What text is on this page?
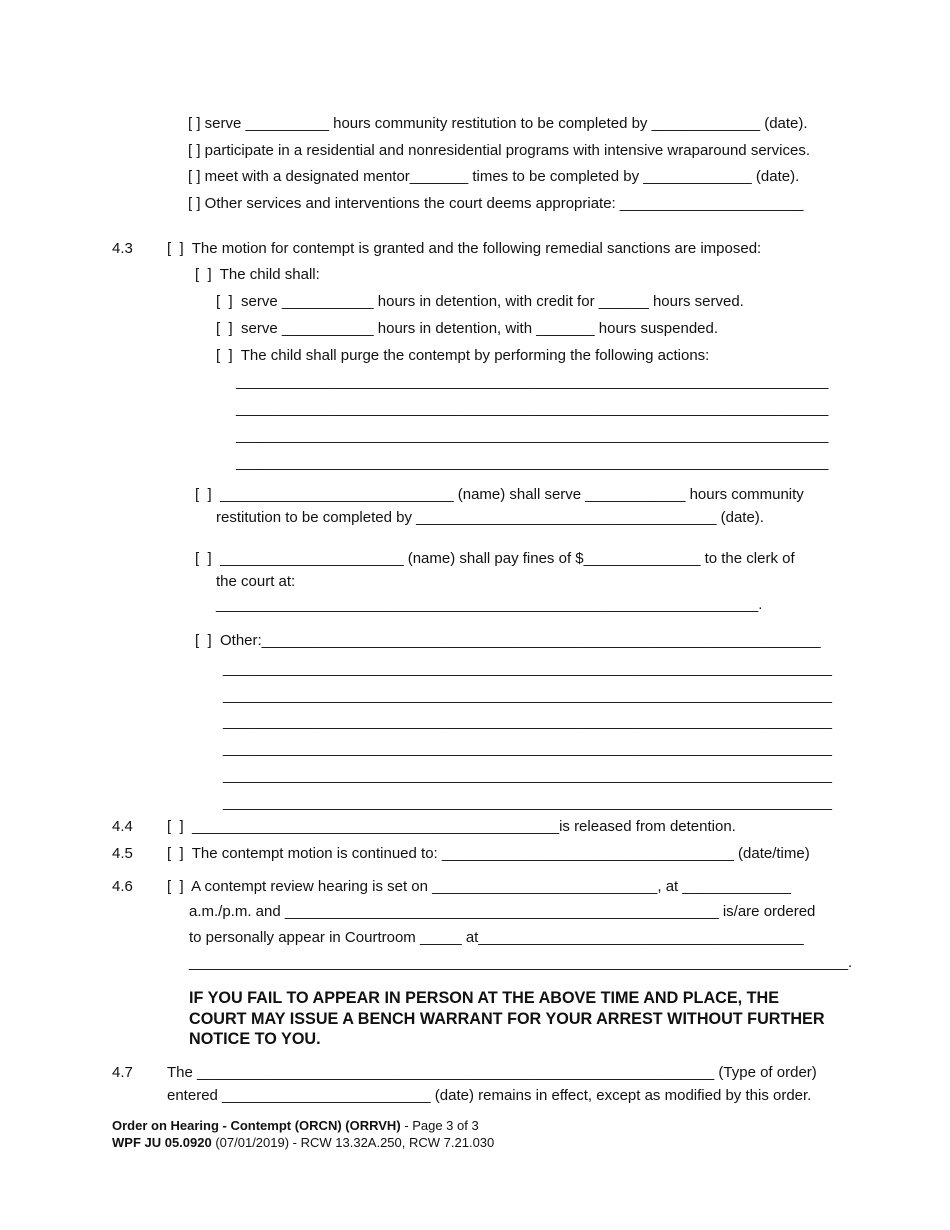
[ ] serve __________ hours community restitution to be completed by _____________ (date).
[ ] participate in a residential and nonresidential programs with intensive wraparound services.
[ ] meet with a designated mentor_______ times to be completed by _____________ (date).
[ ] Other services and interventions the court deems appropriate: ______________________
4.3 [  ]  The motion for contempt is granted and the following remedial sanctions are imposed:
[  ]  The child shall:
[  ]  serve ___________ hours in detention, with credit for ______ hours served.
[  ]  serve ___________ hours in detention, with _______ hours suspended.
[  ]  The child shall purge the contempt by performing the following actions:
_______________________________________________________________________
_______________________________________________________________________
_______________________________________________________________________
_______________________________________________________________________
[  ]  ____________________________ (name) shall serve ____________ hours community
restitution to be completed by ____________________________________ (date).
[  ]  ______________________ (name) shall pay fines of $______________ to the clerk of
the court at:
_________________________________________________________________.
[  ]  Other:___________________________________________________________________
_________________________________________________________________________
_________________________________________________________________________
_________________________________________________________________________
_________________________________________________________________________
_________________________________________________________________________
_________________________________________________________________________
4.4 [  ]  ____________________________________________is released from detention.
4.5 [  ]  The contempt motion is continued to: ___________________________________ (date/time)
4.6 [  ]  A contempt review hearing is set on ___________________________, at _____________
a.m./p.m. and ____________________________________________________ is/are ordered
to personally appear in Courtroom _____ at_______________________________________
_______________________________________________________________________________.
IF YOU FAIL TO APPEAR IN PERSON AT THE ABOVE TIME AND PLACE, THE COURT MAY ISSUE A BENCH WARRANT FOR YOUR ARREST WITHOUT FURTHER NOTICE TO YOU.
4.7 The ______________________________________________________________ (Type of order)
entered _________________________ (date) remains in effect, except as modified by this order.
Order on Hearing - Contempt (ORCN) (ORRVH) - Page 3 of 3
WPF JU 05.0920 (07/01/2019) - RCW 13.32A.250, RCW 7.21.030
